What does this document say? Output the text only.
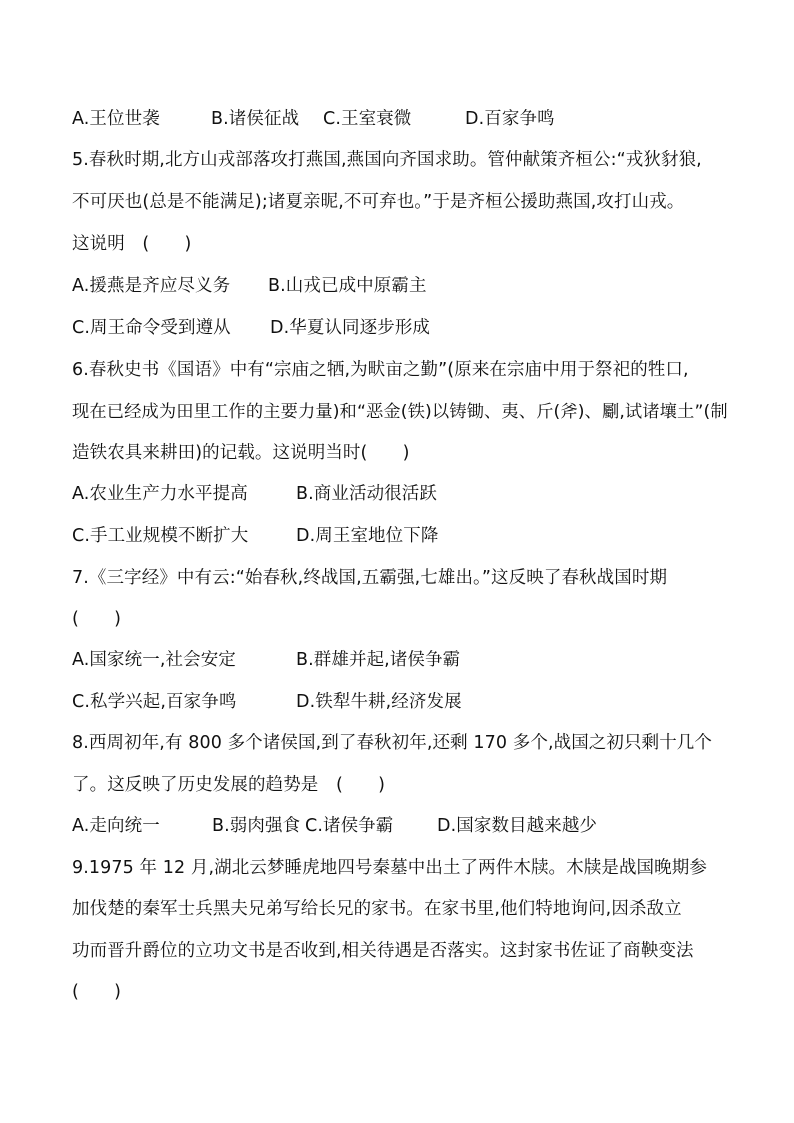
A.王位世袭	B.诸侯征战 C.王室衰微	D.百家争鸣
5.春秋时期,北方山戎部落攻打燕国,燕国向齐国求助。管仲献策齐桓公:“戎狄豺狼,
不可厌也(总是不能满足);诸夏亲昵,不可弃也。”于是齐桓公援助燕国,攻打山戎。
这说明　(　　)
A.援燕是齐应尽义务 B.山戎已成中原霸主
C.周王命令受到遵从 D.华夏认同逐步形成
6.春秋史书《国语》中有“宗庙之牺,为畎亩之勤”(原来在宗庙中用于祭祀的牲口,
现在已经成为田里工作的主要力量)和“恶金(铁)以铸锄、夷、斤(斧)、劚,试诸壤土”(制
造铁农具来耕田)的记载。这说明当时(　　)
A.农业生产力水平提高	B.商业活动很活跃
C.手工业规模不断扩大	D.周王室地位下降
7.《三字经》中有云:“始春秋,终战国,五霸强,七雄出。”这反映了春秋战国时期
(　　)
A.国家统一,社会安定	B.群雄并起,诸侯争霸
C.私学兴起,百家争鸣	D.铁犁牛耕,经济发展
8.西周初年,有 800 多个诸侯国,到了春秋初年,还剩 170 多个,战国之初只剩十几个
了。这反映了历史发展的趋势是　(　　)
A.走向统一	B.弱肉强食 C.诸侯争霸 D.国家数目越来越少
9.1975 年 12 月,湖北云梦睡虎地四号秦墓中出土了两件木牍。木牍是战国晚期参
加伐楚的秦军士兵黑夫兄弟写给长兄的家书。在家书里,他们特地询问,因杀敌立
功而晋升爵位的立功文书是否收到,相关待遇是否落实。这封家书佐证了商鞅变法
(　　)
